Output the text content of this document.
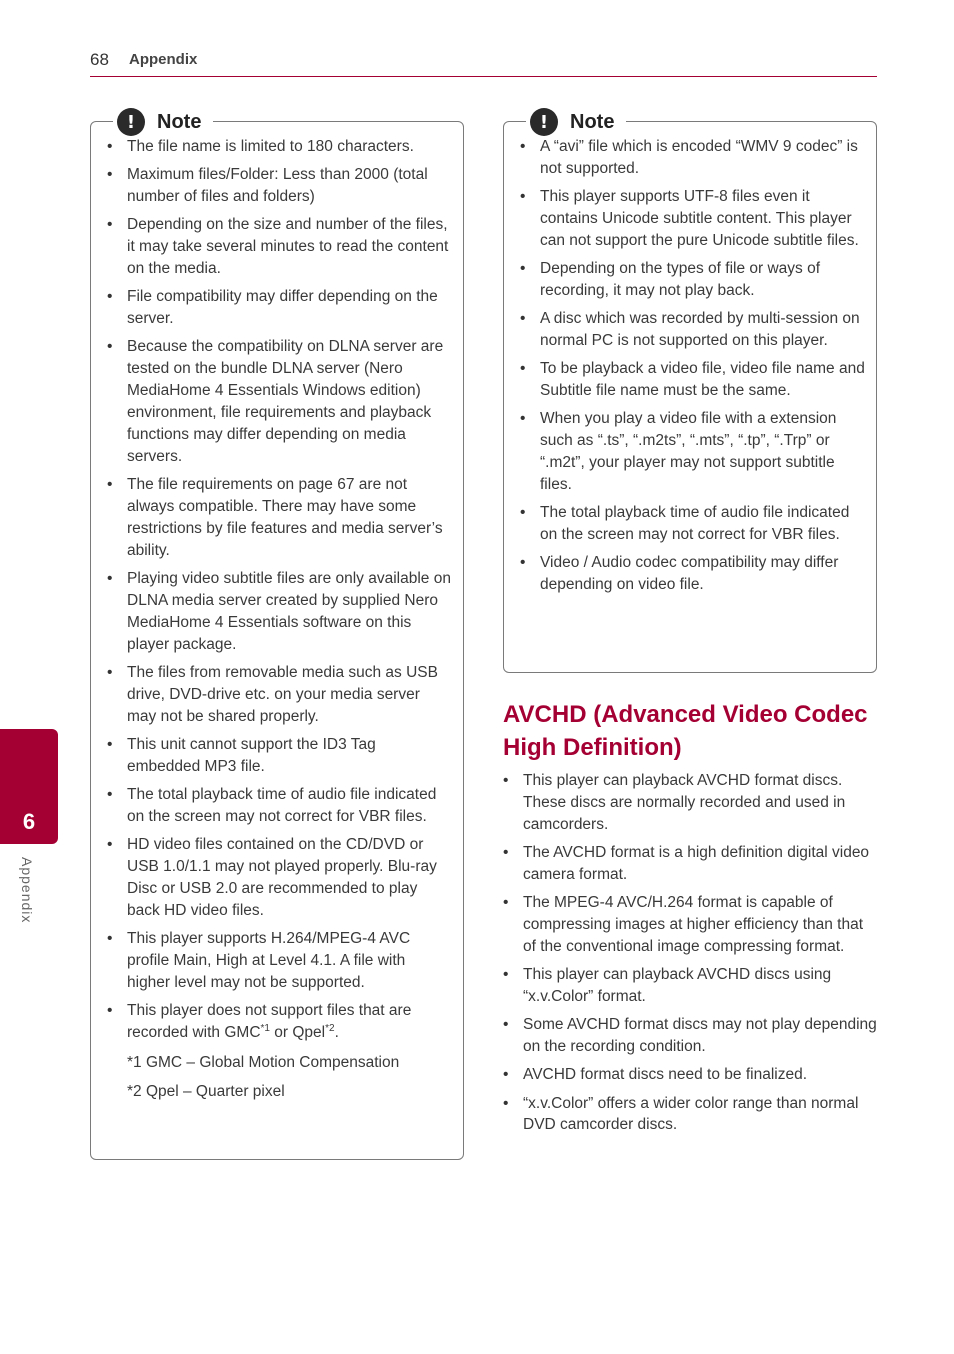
68 Appendix
!	Note
• The file name is limited to 180 characters.
• Maximum files/Folder: Less than 2000 (total number of files and folders)
• Depending on the size and number of the files, it may take several minutes to read the content on the media.
• File compatibility may differ depending on the server.
• Because the compatibility on DLNA server are tested on the bundle DLNA server (Nero MediaHome 4 Essentials Windows edition) environment, file requirements and playback functions may differ depending on media servers.
• The file requirements on page 67 are not always compatible. There may have some restrictions by file features and media server’s ability.
• Playing video subtitle files are only available on DLNA media server created by supplied Nero MediaHome 4 Essentials software on this player package.
• The files from removable media such as USB drive, DVD-drive etc. on your media server may not be shared properly.
• This unit cannot support the ID3 Tag embedded MP3 file.
• The total playback time of audio file indicated on the screen may not correct for VBR files.
• HD video files contained on the CD/DVD or USB 1.0/1.1 may not played properly. Blu-ray Disc or USB 2.0 are recommended to play back HD video files.
• This player supports H.264/MPEG-4 AVC profile Main, High at Level 4.1. A file with higher level may not be supported.
• This player does not support files that are recorded with GMC$^{*1}$ or Qpel$^{*2}$.
*1 GMC – Global Motion Compensation
*2 Qpel – Quarter pixel
!	Note
• A “avi” file which is encoded “WMV 9 codec” is not supported.
• This player supports UTF-8 files even it contains Unicode subtitle content. This player can not support the pure Unicode subtitle files.
• Depending on the types of file or ways of recording, it may not play back.
• A disc which was recorded by multi-session on normal PC is not supported on this player.
• To be playback a video file, video file name and Subtitle file name must be the same.
• When you play a video file with a extension such as “.ts”, “.m2ts”, “.mts”, “.tp”, “.Trp” or “.m2t”, your player may not support subtitle files.
• The total playback time of audio file indicated on the screen may not correct for VBR files.
• Video / Audio codec compatibility may differ depending on video file.
AVCHD (Advanced Video Codec High Definition)
• This player can playback AVCHD format discs. These discs are normally recorded and used in camcorders.
• The AVCHD format is a high definition digital video camera format.
• The MPEG-4 AVC/H.264 format is capable of compressing images at higher efficiency than that of the conventional image compressing format.
• This player can playback AVCHD discs using “x.v.Color” format.
• Some AVCHD format discs may not play depending on the recording condition.
• AVCHD format discs need to be finalized.
• “x.v.Color” offers a wider color range than normal DVD camcorder discs.
6
Appendix
